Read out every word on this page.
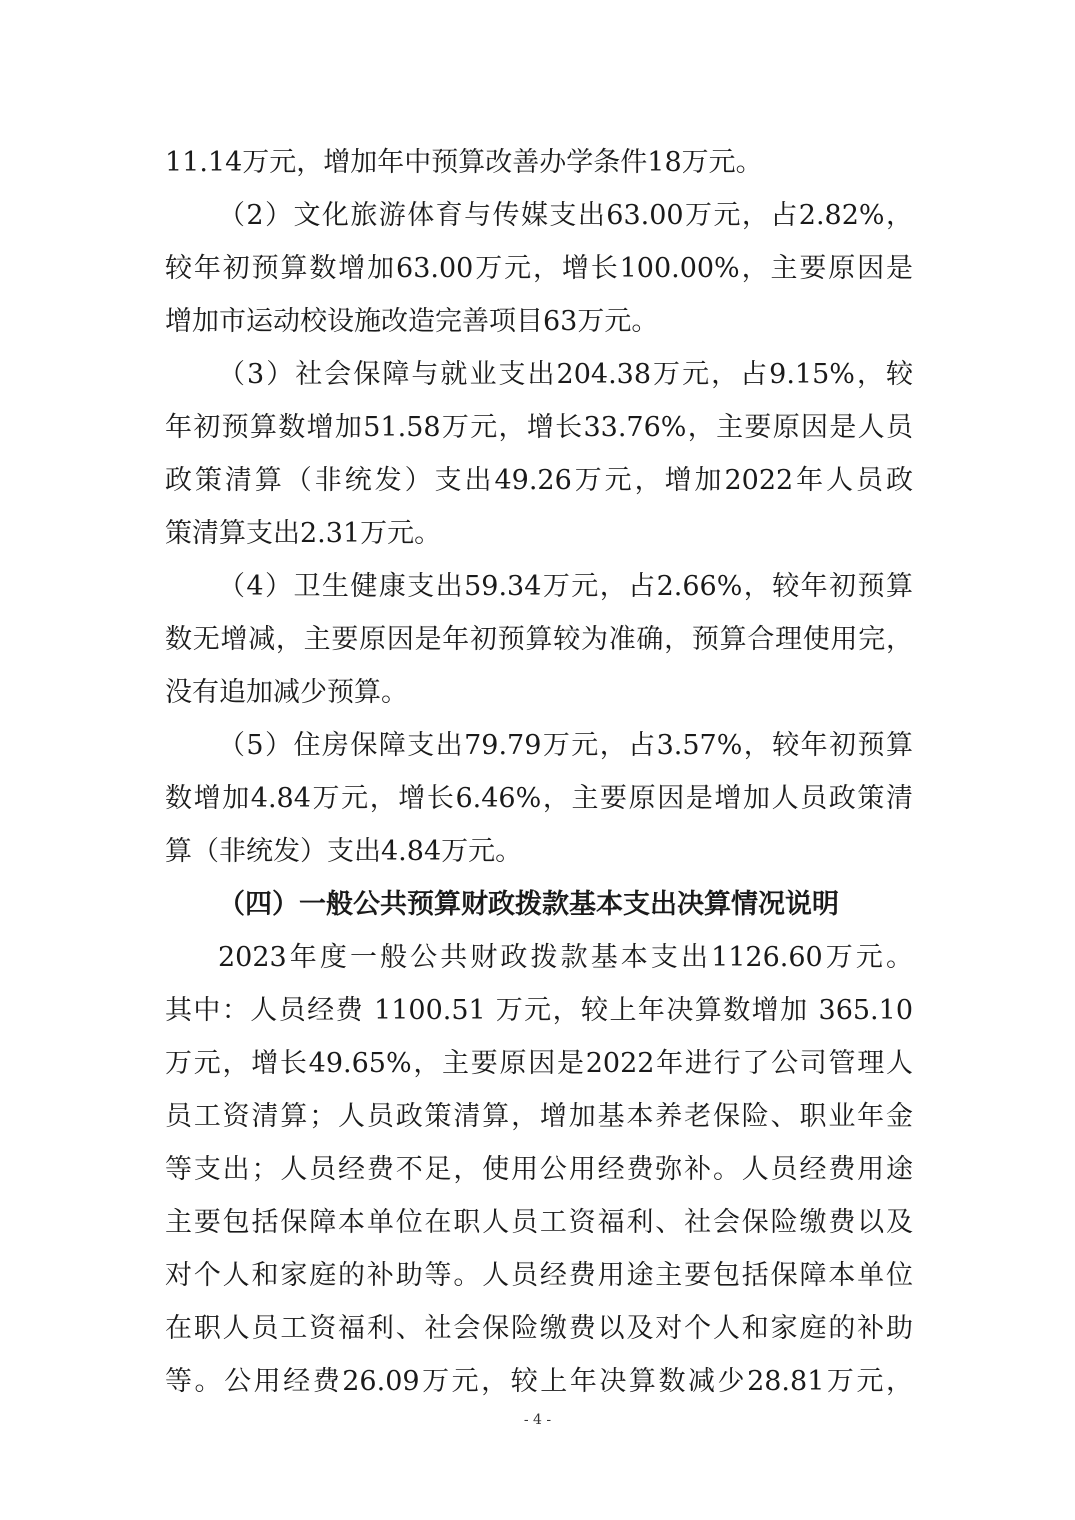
11.14万元，增加年中预算改善办学条件18万元。
（2）文化旅游体育与传媒支出63.00万元，占2.82%，
较年初预算数增加63.00万元，增长100.00%，主要原因是
增加市运动校设施改造完善项目63万元。
（3）社会保障与就业支出204.38万元，占9.15%，较
年初预算数增加51.58万元，增长33.76%，主要原因是人员
政策清算（非统发）支出49.26万元，增加2022年人员政
策清算支出2.31万元。
（4）卫生健康支出59.34万元，占2.66%，较年初预算
数无增减，主要原因是年初预算较为准确，预算合理使用完，
没有追加减少预算。
（5）住房保障支出79.79万元，占3.57%，较年初预算
数增加4.84万元，增长6.46%，主要原因是增加人员政策清
算（非统发）支出4.84万元。
（四）一般公共预算财政拨款基本支出决算情况说明
2023年度一般公共财政拨款基本支出1126.60万元。
其中：人员经费 1100.51 万元，较上年决算数增加 365.10
万元，增长49.65%，主要原因是2022年进行了公司管理人
员工资清算；人员政策清算，增加基本养老保险、职业年金
等支出；人员经费不足，使用公用经费弥补。人员经费用途
主要包括保障本单位在职人员工资福利、社会保险缴费以及
对个人和家庭的补助等。人员经费用途主要包括保障本单位
在职人员工资福利、社会保险缴费以及对个人和家庭的补助
等。公用经费26.09万元，较上年决算数减少28.81万元，
- 4 -
